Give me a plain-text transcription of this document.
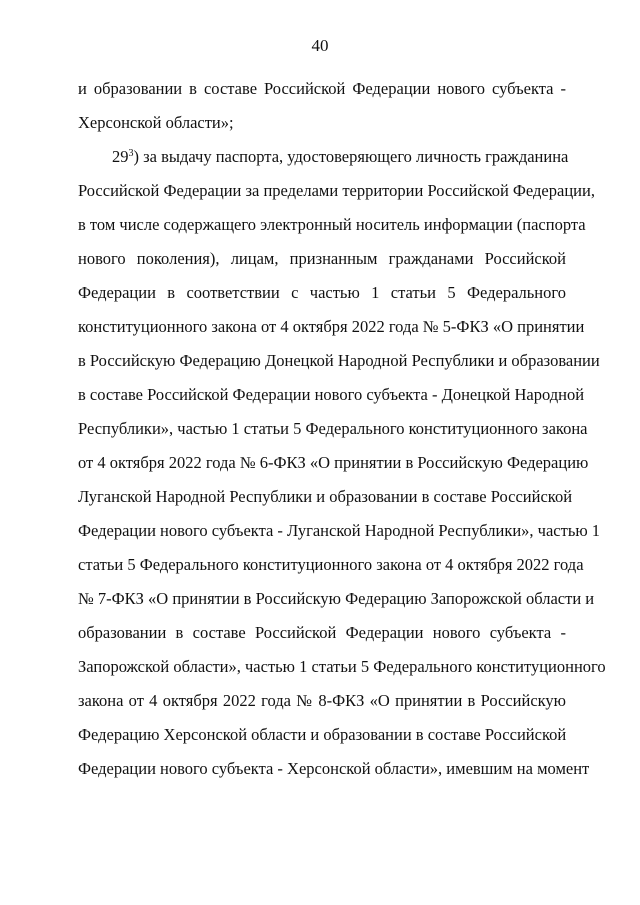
40
и образовании в составе Российской Федерации нового субъекта -
Херсонской области»;
$29^3$) за выдачу паспорта, удостоверяющего личность гражданина
Российской Федерации за пределами территории Российской Федерации,
в том числе содержащего электронный носитель информации (паспорта
нового поколения), лицам, признанным гражданами Российской
Федерации в соответствии с частью 1 статьи 5 Федерального
конституционного закона от 4 октября 2022 года № 5-ФКЗ «О принятии
в Российскую Федерацию Донецкой Народной Республики и образовании
в составе Российской Федерации нового субъекта - Донецкой Народной
Республики», частью 1 статьи 5 Федерального конституционного закона
от 4 октября 2022 года № 6-ФКЗ «О принятии в Российскую Федерацию
Луганской Народной Республики и образовании в составе Российской
Федерации нового субъекта - Луганской Народной Республики», частью 1
статьи 5 Федерального конституционного закона от 4 октября 2022 года
№ 7-ФКЗ «О принятии в Российскую Федерацию Запорожской области и
образовании в составе Российской Федерации нового субъекта -
Запорожской области», частью 1 статьи 5 Федерального конституционного
закона от 4 октября 2022 года № 8-ФКЗ «О принятии в Российскую
Федерацию Херсонской области и образовании в составе Российской
Федерации нового субъекта - Херсонской области», имевшим на момент
